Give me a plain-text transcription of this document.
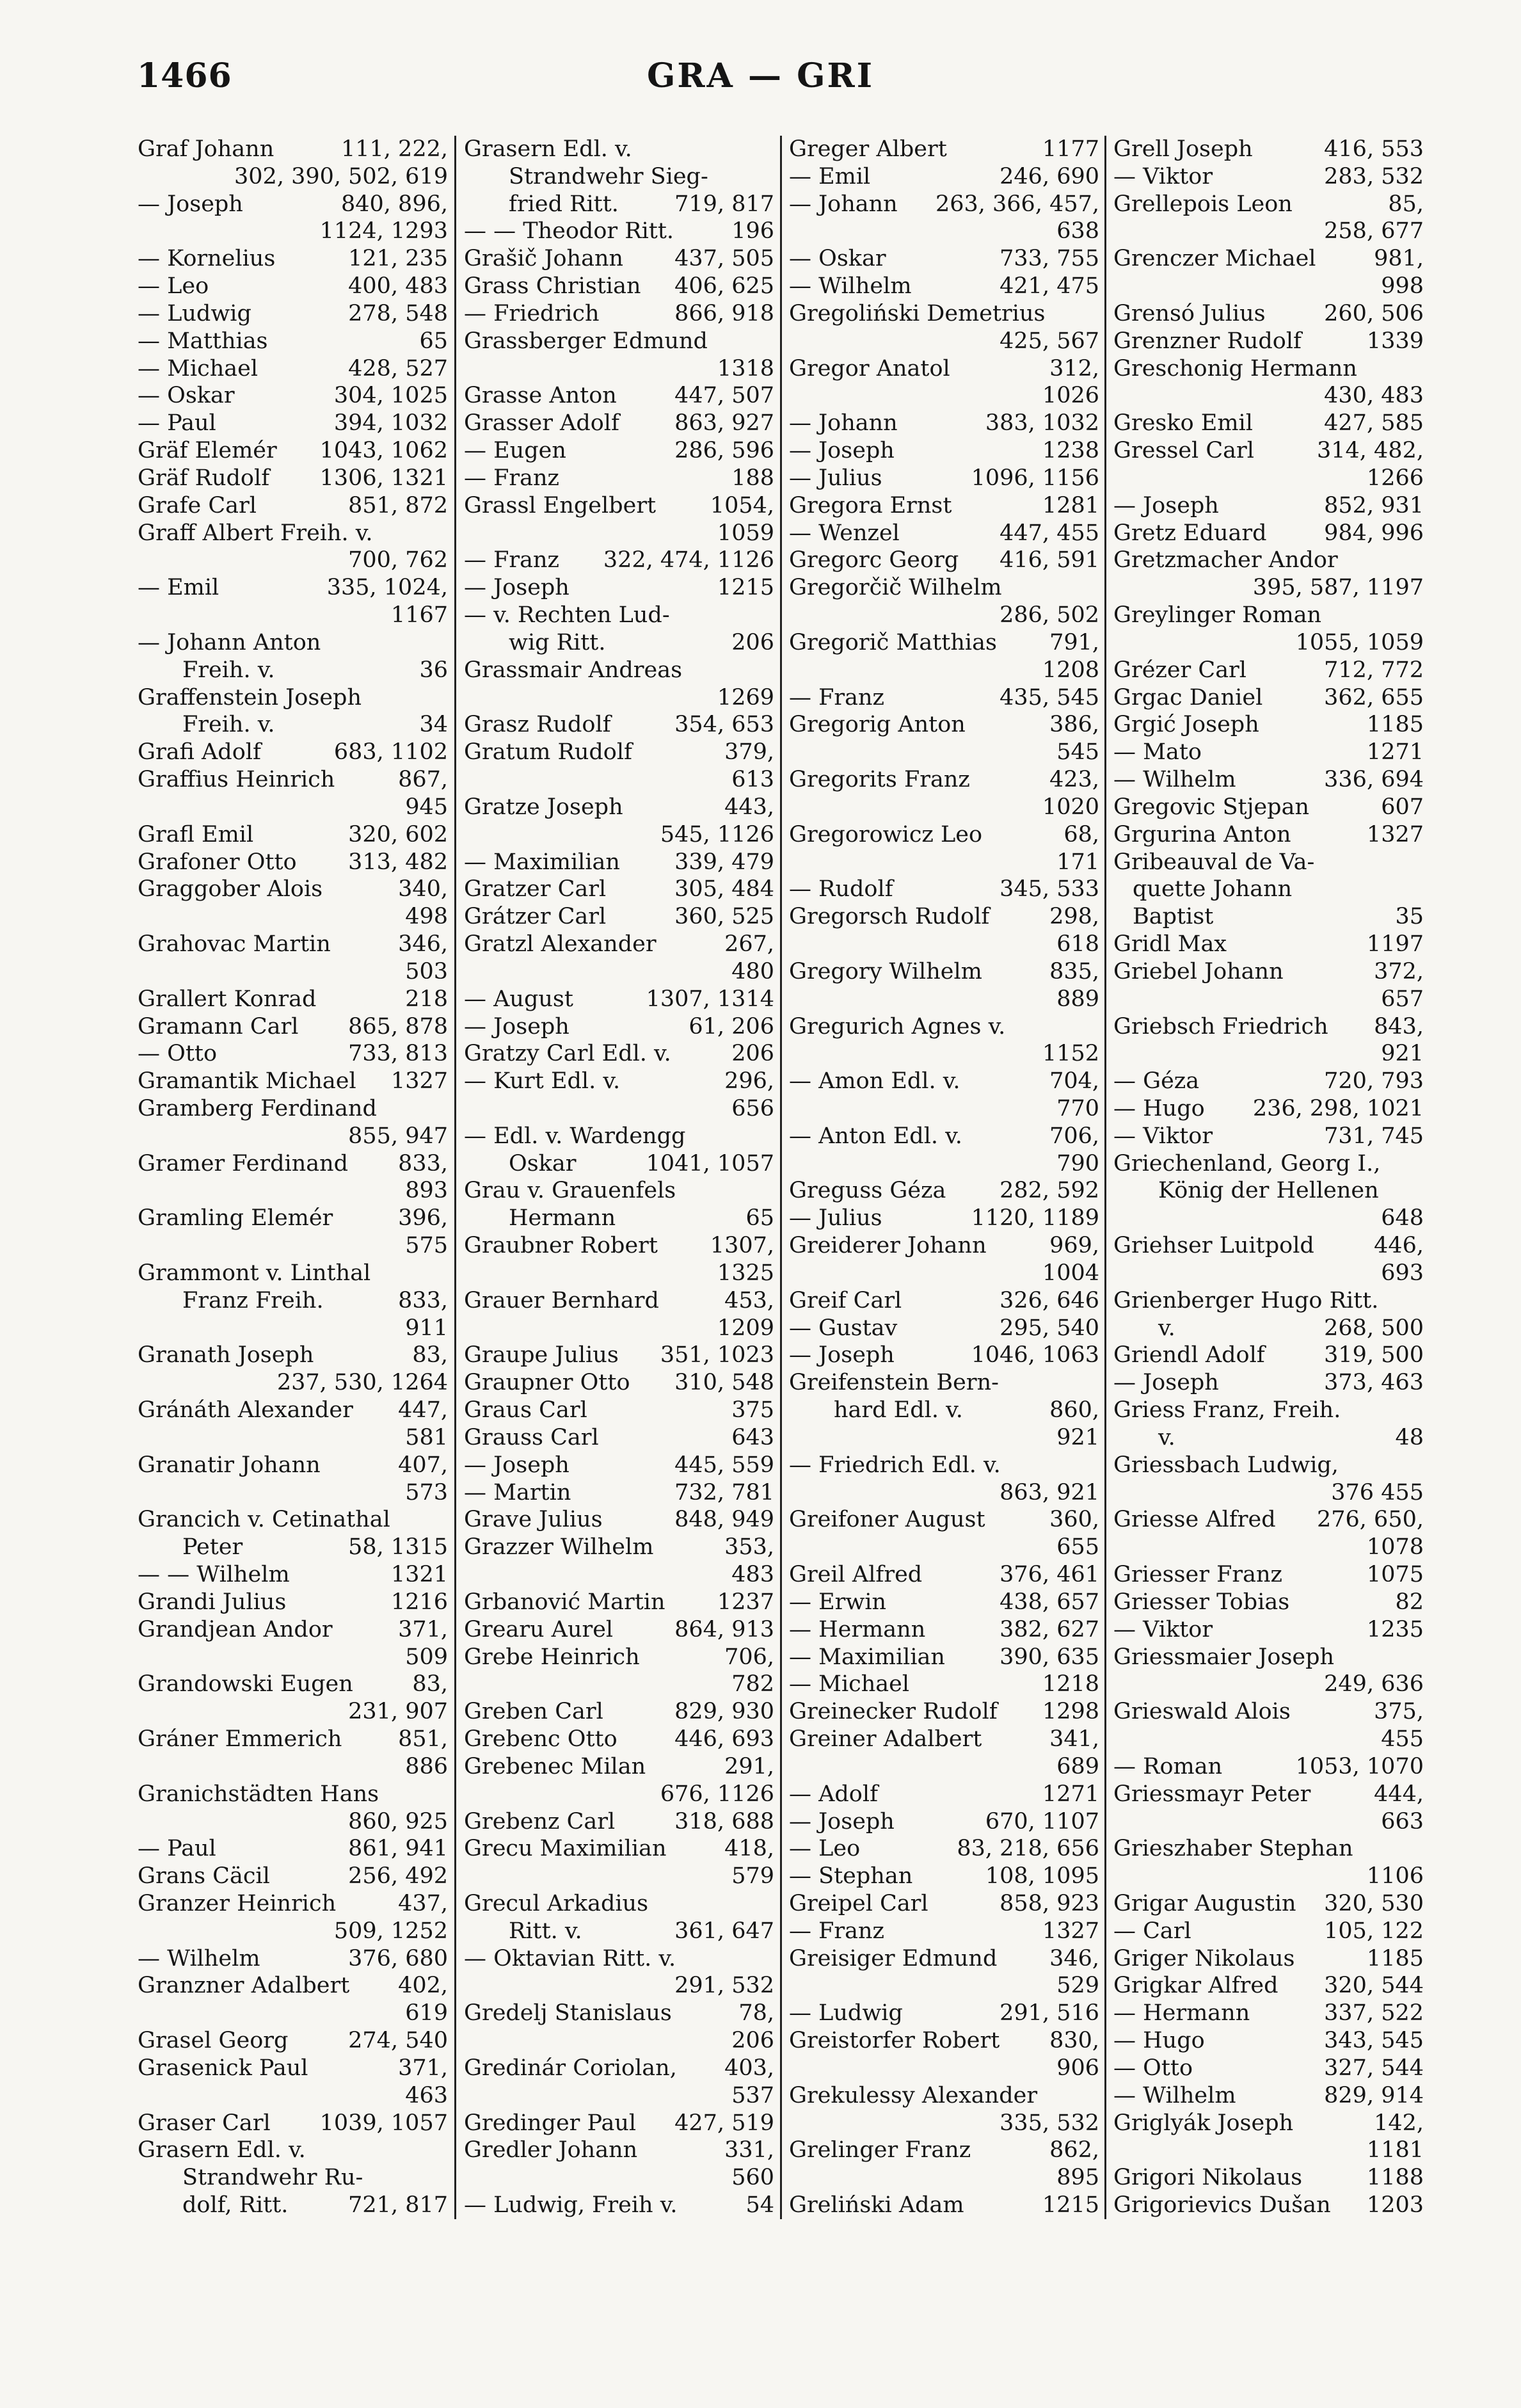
1466	GRA — GRI
Graf Johann	111, 222,
302, 390, 502, 619
— Joseph	840, 896,
1124, 1293
— Kornelius	121, 235
— Leo	400, 483
— Ludwig	278, 548
— Matthias	65
— Michael	428, 527
— Oskar	304, 1025
— Paul	394, 1032
Gräf Elemér 1043, 1062
Gräf Rudolf 1306, 1321
Grafe Carl	851, 872
Graff Albert Freih. v.
700, 762
— Emil	335, 1024,
1167
— Johann Anton
Freih. v.	36
Graffenstein Joseph
Freih. v.	34
Grafi Adolf	683, 1102
Graffius Heinrich	867,
945
Grafl Emil	320, 602
Grafoner Otto 313, 482
Graggober Alois	340,
498
Grahovac Martin	346,
503
Grallert Konrad	218
Gramann Carl 865, 878
— Otto	733, 813
Gramantik Michael 1327
Gramberg Ferdinand
855, 947
Gramer Ferdinand 833,
893
Gramling Elemér	396,
575
Grammont v. Linthal
Franz Freih.	833,
911
Granath Joseph	83,
237, 530, 1264
Gránáth Alexander 447,
581
Granatir Johann	407,
573
Grancich v. Cetinathal
Peter	58, 1315
— — Wilhelm	1321
Grandi Julius	1216
Grandjean Andor	371,
509
Grandowski Eugen	83,
231, 907
Gráner Emmerich	851,
886
Granichstädten Hans
860, 925
— Paul	861, 941
Grans Cäcil	256, 492
Granzer Heinrich	437,
509, 1252
— Wilhelm	376, 680
Granzner Adalbert 402,
619
Grasel Georg	274, 540
Grasenick Paul	371,
463
Graser Carl 1039, 1057
Grasern Edl. v.
Strandwehr Ru-
dolf, Ritt.	721, 817
Grasern Edl. v.
Strandwehr Sieg-
fried Ritt. 719, 817
— — Theodor Ritt.	196
Grašič Johann 437, 505
Grass Christian 406, 625
— Friedrich	866, 918
Grassberger Edmund
1318
Grasse Anton	447, 507
Grasser Adolf 863, 927
— Eugen	286, 596
— Franz	188
Grassl Engelbert 1054,
1059
— Franz 322, 474, 1126
— Joseph	1215
— v. Rechten Lud-
wig Ritt.	206
Grassmair Andreas
1269
Grasz Rudolf	354, 653
Gratum Rudolf	379,
613
Gratze Joseph	443,
545, 1126
— Maximilian 339, 479
Gratzer Carl	305, 484
Grátzer Carl	360, 525
Gratzl Alexander	267,
480
— August	1307, 1314
— Joseph	61, 206
Gratzy Carl Edl. v.	206
— Kurt Edl. v.	296,
656
— Edl. v. Wardengg
Oskar	1041, 1057
Grau v. Grauenfels
Hermann	65
Graubner Robert 1307,
1325
Grauer Bernhard	453,
1209
Graupe Julius 351, 1023
Graupner Otto 310, 548
Graus Carl	375
Grauss Carl	643
— Joseph	445, 559
— Martin	732, 781
Grave Julius	848, 949
Grazzer Wilhelm	353,
483
Grbanović Martin 1237
Grearu Aurel	864, 913
Grebe Heinrich	706,
782
Greben Carl	829, 930
Grebenc Otto	446, 693
Grebenec Milan	291,
676, 1126
Grebenz Carl	318, 688
Grecu Maximilian	418,
579
Grecul Arkadius
Ritt. v.	361, 647
— Oktavian Ritt. v.
291, 532
Gredelj Stanislaus	78,
206
Gredinár Coriolan, 403,
537
Gredinger Paul 427, 519
Gredler Johann	331,
560
— Ludwig, Freih v.	54
Greger Albert	1177
— Emil	246, 690
— Johann 263, 366, 457,
638
— Oskar	733, 755
— Wilhelm	421, 475
Gregoliński Demetrius
425, 567
Gregor Anatol	312,
1026
— Johann	383, 1032
— Joseph	1238
— Julius	1096, 1156
Gregora Ernst	1281
— Wenzel	447, 455
Gregorc Georg 416, 591
Gregorčič Wilhelm
286, 502
Gregorič Matthias 791,
1208
— Franz	435, 545
Gregorig Anton	386,
545
Gregorits Franz	423,
1020
Gregorowicz Leo	68,
171
— Rudolf	345, 533
Gregorsch Rudolf	298,
618
Gregory Wilhelm	835,
889
Gregurich Agnes v.
1152
— Amon Edl. v.	704,
770
— Anton Edl. v.	706,
790
Greguss Géza 282, 592
— Julius	1120, 1189
Greiderer Johann	969,
1004
Greif Carl	326, 646
— Gustav	295, 540
— Joseph	1046, 1063
Greifenstein Bern-
hard Edl. v.	860,
921
— Friedrich Edl. v.
863, 921
Greifoner August	360,
655
Greil Alfred	376, 461
— Erwin	438, 657
— Hermann	382, 627
— Maximilian 390, 635
— Michael	1218
Greinecker Rudolf 1298
Greiner Adalbert	341,
689
— Adolf	1271
— Joseph	670, 1107
— Leo	83, 218, 656
— Stephan	108, 1095
Greipel Carl	858, 923
— Franz	1327
Greisiger Edmund 346,
529
— Ludwig	291, 516
Greistorfer Robert 830,
906
Grekulessy Alexander
335, 532
Grelinger Franz	862,
895
Greliński Adam	1215
Grell Joseph	416, 553
— Viktor	283, 532
Grellepois Leon	85,
258, 677
Grenczer Michael	981,
998
Grensó Julius	260, 506
Grenzner Rudolf	1339
Greschonig Hermann
430, 483
Gresko Emil	427, 585
Gressel Carl	314, 482,
1266
— Joseph	852, 931
Gretz Eduard	984, 996
Gretzmacher Andor
395, 587, 1197
Greylinger Roman
1055, 1059
Grézer Carl	712, 772
Grgac Daniel	362, 655
Grgić Joseph	1185
— Mato	1271
— Wilhelm	336, 694
Gregovic Stjepan	607
Grgurina Anton	1327
Gribeauval de Va-
quette Johann
Baptist	35
Gridl Max	1197
Griebel Johann	372,
657
Griebsch Friedrich 843,
921
— Géza	720, 793
— Hugo 236, 298, 1021
— Viktor	731, 745
Griechenland, Georg I.,
König der Hellenen
648
Griehser Luitpold	446,
693
Grienberger Hugo Ritt.
v.	268, 500
Griendl Adolf	319, 500
— Joseph	373, 463
Griess Franz, Freih.
v.	48
Griessbach Ludwig,
376 455
Griesse Alfred 276, 650,
1078
Griesser Franz	1075
Griesser Tobias	82
— Viktor	1235
Griessmaier Joseph
249, 636
Grieswald Alois	375,
455
— Roman	1053, 1070
Griessmayr Peter	444,
663
Grieszhaber Stephan
1106
Grigar Augustin 320, 530
— Carl	105, 122
Griger Nikolaus	1185
Grigkar Alfred 320, 544
— Hermann	337, 522
— Hugo	343, 545
— Otto	327, 544
— Wilhelm	829, 914
Griglyák Joseph	142,
1181
Grigori Nikolaus	1188
Grigorievics Dušan 1203
